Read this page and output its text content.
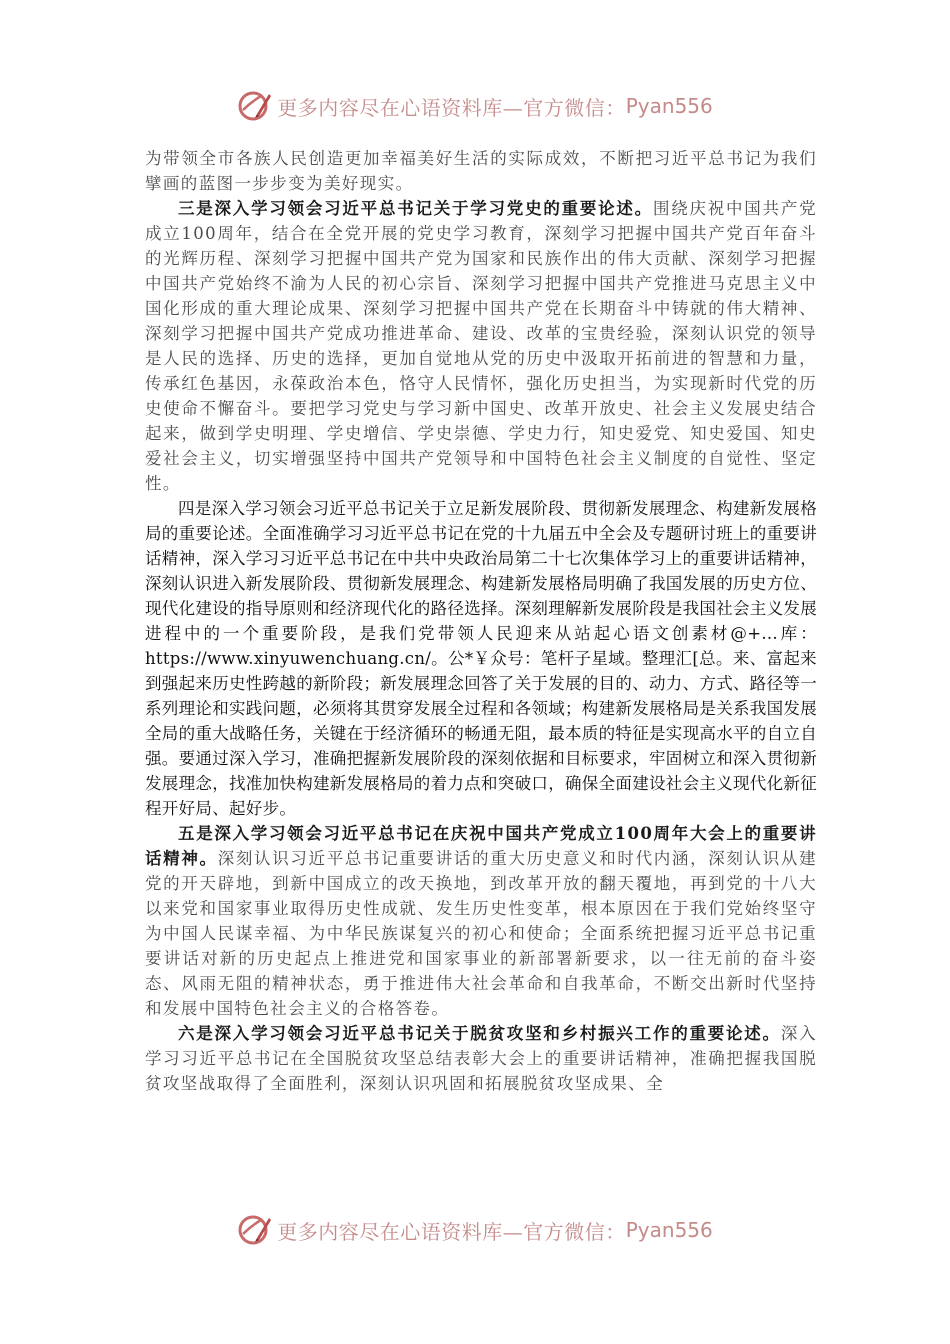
更多内容尽在心语资料库—官方微信： Pyan556

为带领全市各族人民创造更加幸福美好生活的实际成效，不断把习近平总书记为我们擘画的蓝图一步步变为美好现实。

三是深入学习领会习近平总书记关于学习党史的重要论述。围绕庆祝中国共产党成立100周年，结合在全党开展的党史学习教育，深刻学习把握中国共产党百年奋斗的光辉历程、深刻学习把握中国共产党为国家和民族作出的伟大贡献、深刻学习把握中国共产党始终不渝为人民的初心宗旨、深刻学习把握中国共产党推进马克思主义中国化形成的重大理论成果、深刻学习把握中国共产党在长期奋斗中铸就的伟大精神、深刻学习把握中国共产党成功推进革命、建设、改革的宝贵经验，深刻认识党的领导是人民的选择、历史的选择，更加自觉地从党的历史中汲取开拓前进的智慧和力量，传承红色基因，永葆政治本色，恪守人民情怀，强化历史担当，为实现新时代党的历史使命不懈奋斗。要把学习党史与学习新中国史、改革开放史、社会主义发展史结合起来，做到学史明理、学史增信、学史崇德、学史力行，知史爱党、知史爱国、知史爱社会主义，切实增强坚持中国共产党领导和中国特色社会主义制度的自觉性、坚定性。

四是深入学习领会习近平总书记关于立足新发展阶段、贯彻新发展理念、构建新发展格局的重要论述。全面准确学习习近平总书记在党的十九届五中全会及专题研讨班上的重要讲话精神，深入学习习近平总书记在中共中央政治局第二十七次集体学习上的重要讲话精神，深刻认识进入新发展阶段、贯彻新发展理念、构建新发展格局明确了我国发展的历史方位、现代化建设的指导原则和经济现代化的路径选择。深刻理解新发展阶段是我国社会主义发展进程中的一个重要阶段，是我们党带领人民迎来从站起心语文创素材@+...库：https://www.xinyuwenchuang.cn/。公*￥众号：笔杆子星域。整理汇[总。来、富起来到强起来历史性跨越的新阶段；新发展理念回答了关于发展的目的、动力、方式、路径等一系列理论和实践问题，必须将其贯穿发展全过程和各领域；构建新发展格局是关系我国发展全局的重大战略任务，关键在于经济循环的畅通无阻，最本质的特征是实现高水平的自立自强。要通过深入学习，准确把握新发展阶段的深刻依据和目标要求，牢固树立和深入贯彻新发展理念，找准加快构建新发展格局的着力点和突破口，确保全面建设社会主义现代化新征程开好局、起好步。

五是深入学习领会习近平总书记在庆祝中国共产党成立100周年大会上的重要讲话精神。深刻认识习近平总书记重要讲话的重大历史意义和时代内涵，深刻认识从建党的开天辟地，到新中国成立的改天换地，到改革开放的翻天覆地，再到党的十八大以来党和国家事业取得历史性成就、发生历史性变革，根本原因在于我们党始终坚守为中国人民谋幸福、为中华民族谋复兴的初心和使命；全面系统把握习近平总书记重要讲话对新的历史起点上推进党和国家事业的新部署新要求，以一往无前的奋斗姿态、风雨无阻的精神状态，勇于推进伟大社会革命和自我革命，不断交出新时代坚持和发展中国特色社会主义的合格答卷。

六是深入学习领会习近平总书记关于脱贫攻坚和乡村振兴工作的重要论述。深入学习习近平总书记在全国脱贫攻坚总结表彰大会上的重要讲话精神，准确把握我国脱贫攻坚战取得了全面胜利，深刻认识巩固和拓展脱贫攻坚成果、全

更多内容尽在心语资料库—官方微信： Pyan556
